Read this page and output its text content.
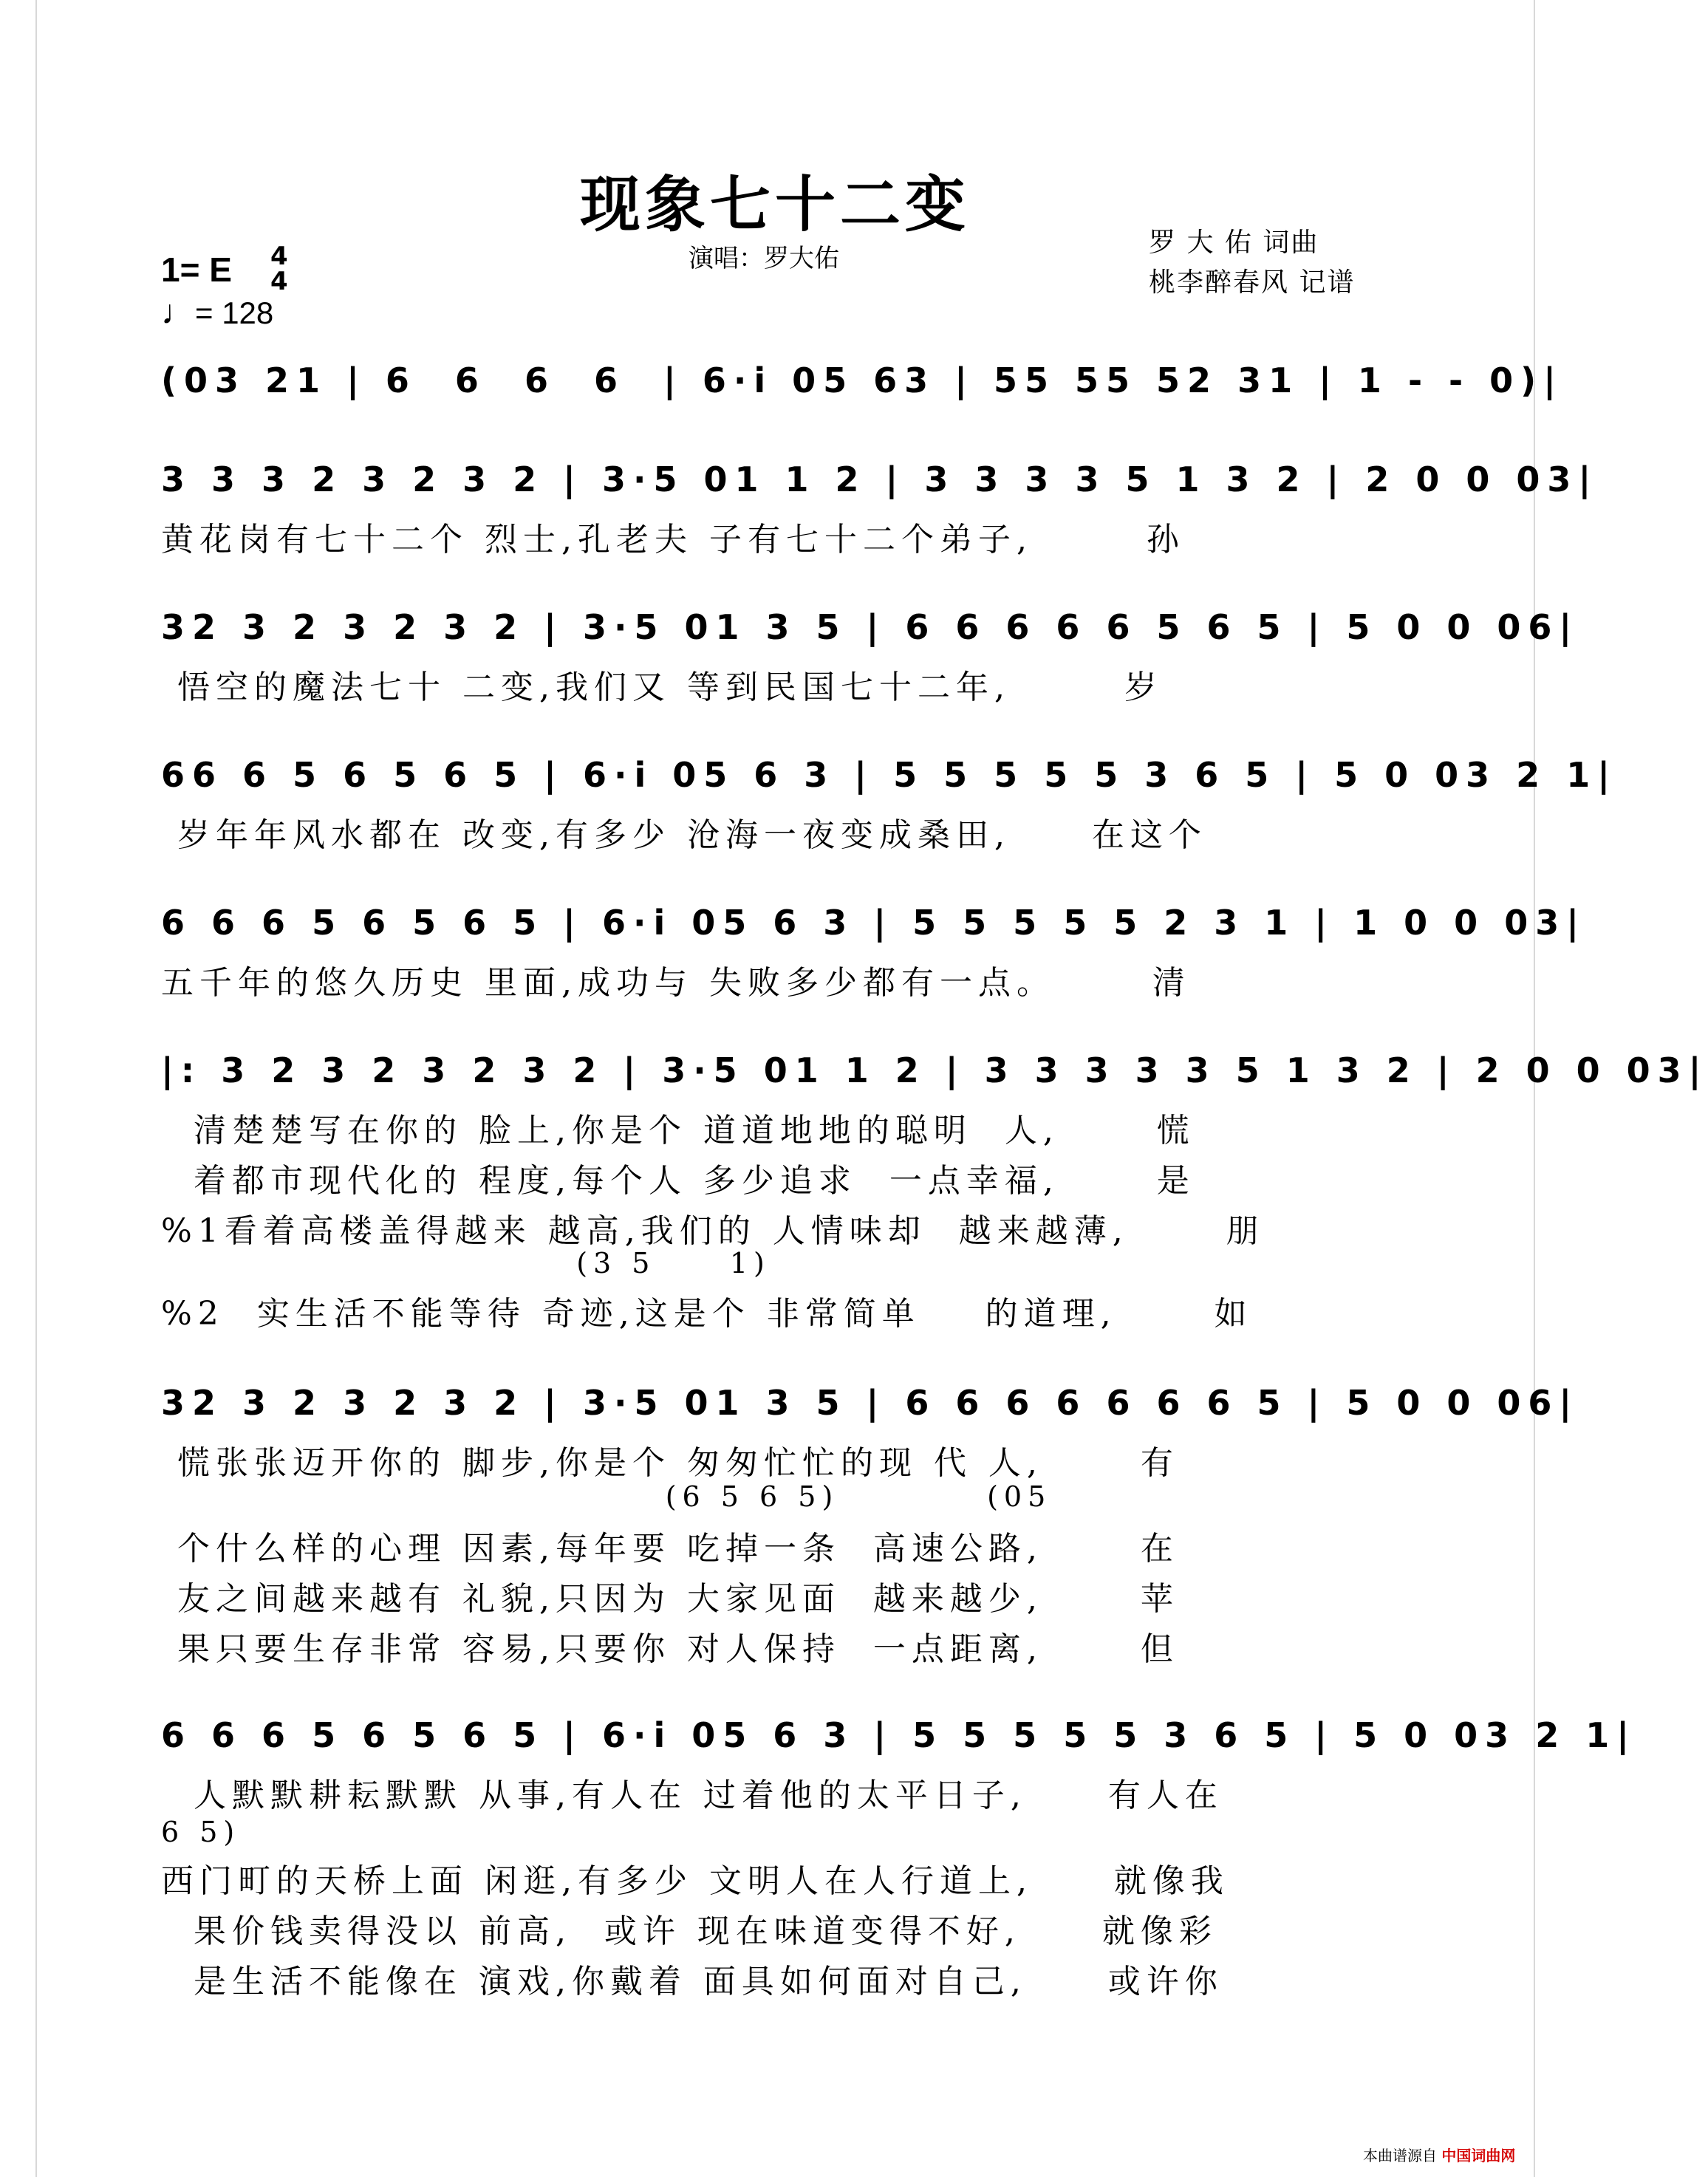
现象七十二变
演唱：罗大佑
罗 大 佑 词曲
桃李醉春风 记谱
1= E 4
4
♩= 128
(03 21 | 6  6  6  6  | 6·i 05 63 | 55 55 52 31 | 1 - - 0)|
3 3 3 2 3 2 3 2 | 3·5 01 1 2 | 3 3 3 3 5 1 3 2 | 2 0 0 03|
黄花岗有七十二个 烈士,孔老夫 子有七十二个弟子,       孙
32 3 2 3 2 3 2 | 3·5 01 3 5 | 6 6 6 6 6 5 6 5 | 5 0 0 06|
悟空的魔法七十 二变,我们又 等到民国七十二年,       岁
66 6 5 6 5 6 5 | 6·i 05 6 3 | 5 5 5 5 5 3 6 5 | 5 0 03 2 1|
岁年年风水都在 改变,有多少 沧海一夜变成桑田,     在这个
6 6 6 5 6 5 6 5 | 6·i 05 6 3 | 5 5 5 5 5 2 3 1 | 1 0 0 03|
五千年的悠久历史 里面,成功与 失败多少都有一点。      清
|: 3 2 3 2 3 2 3 2 | 3·5 01 1 2 | 3 3 3 3 3 5 1 3 2 | 2 0 0 03|
清楚楚写在你的 脸上,你是个 道道地地的聪明  人,      慌
着都市现代化的 程度,每个人 多少追求  一点幸福,      是
%1看着高楼盖得越来 越高,我们的 人情味却  越来越薄,      朋
(3 5     1)
%2  实生活不能等待 奇迹,这是个 非常简单    的道理,      如
32 3 2 3 2 3 2 | 3·5 01 3 5 | 6 6 6 6 6 6 6 5 | 5 0 0 06|
慌张张迈开你的 脚步,你是个 匆匆忙忙的现 代 人,      有
(6 5 6 5)          (05
个什么样的心理 因素,每年要 吃掉一条  高速公路,      在
友之间越来越有 礼貌,只因为 大家见面  越来越少,      苹
果只要生存非常 容易,只要你 对人保持  一点距离,      但
6 6 6 5 6 5 6 5 | 6·i 05 6 3 | 5 5 5 5 5 3 6 5 | 5 0 03 2 1|
人默默耕耘默默 从事,有人在 过着他的太平日子,     有人在
6 5)
西门町的天桥上面 闲逛,有多少 文明人在人行道上,     就像我
果价钱卖得没以 前高,  或许 现在味道变得不好,     就像彩
是生活不能像在 演戏,你戴着 面具如何面对自己,     或许你
本曲谱源自 中国词曲网
